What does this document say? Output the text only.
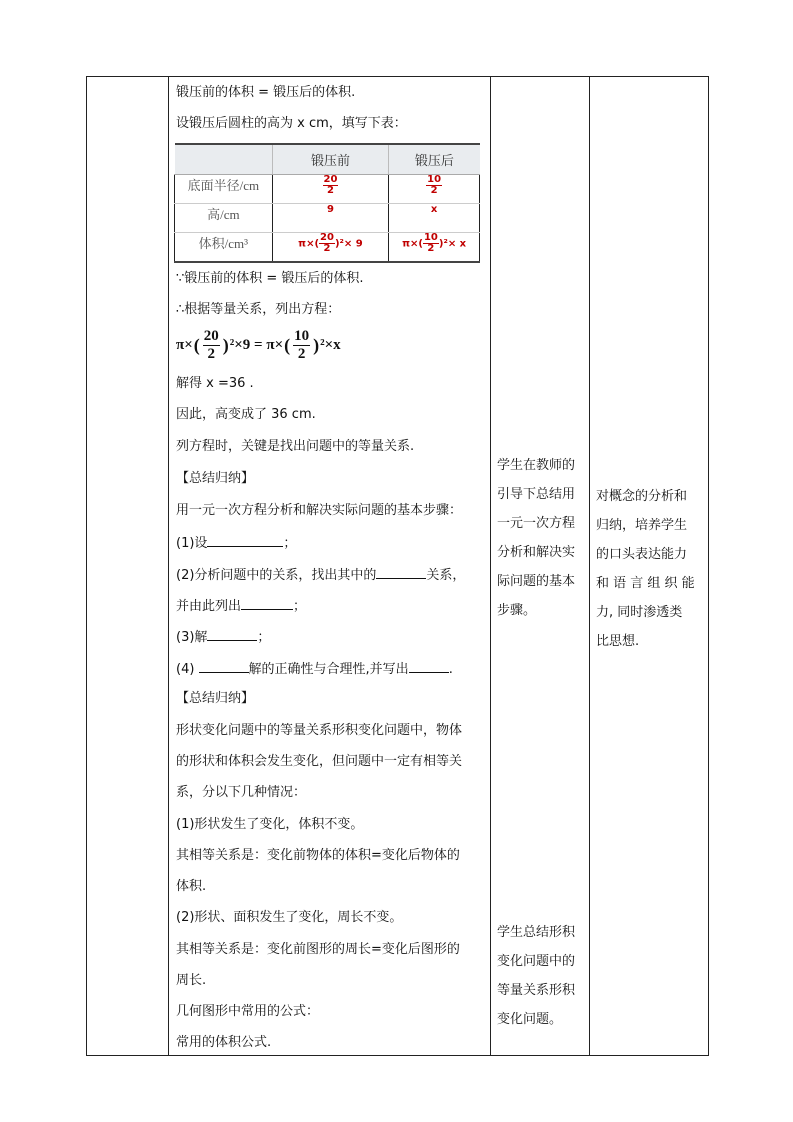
锻压前的体积 = 锻压后的体积.
设锻压后圆柱的高为 x cm，填写下表：
	锻压前	锻压后
底面半径/cm	$\frac{20}{2}$	$\frac{10}{2}$

高/cm	9	x
体积/cm³	$\pi\times( \frac{20}{2} )^2\times 9$	$\pi\times( \frac{10}{2} )^2\times x$
∵锻压前的体积 = 锻压后的体积.
∴根据等量关系，列出方程：
π× ( $\frac{20}{2}$ ) ²×9 = π× ( $\frac{10}{2}$ ) ²×x
解得 x =36 .
因此，高变成了 36 cm.
列方程时，关键是找出问题中的等量关系.
【总结归纳】
用一元一次方程分析和解决实际问题的基本步骤：
(1)设	；
(2)分析问题中的关系，找出其中的	关系，
并由此列出	；
(3)解	；
(4)	解的正确性与合理性,并写出	.
【总结归纳】
形状变化问题中的等量关系形积变化问题中，物体
的形状和体积会发生变化，但问题中一定有相等关
系，分以下几种情况：
(1)形状发生了变化，体积不变。
其相等关系是：变化前物体的体积=变化后物体的
体积.
(2)形状、面积发生了变化，周长不变。
其相等关系是：变化前图形的周长=变化后图形的
周长.
几何图形中常用的公式：
常用的体积公式.

学生在教师的
引导下总结用
一元一次方程
分析和解决实
际问题的基本
步骤。
学生总结形积
变化问题中的
等量关系形积
变化问题。

对概念的分析和
归纳，培养学生
的口头表达能力
和 语 言 组 织 能
力, 同时渗透类
比思想.
